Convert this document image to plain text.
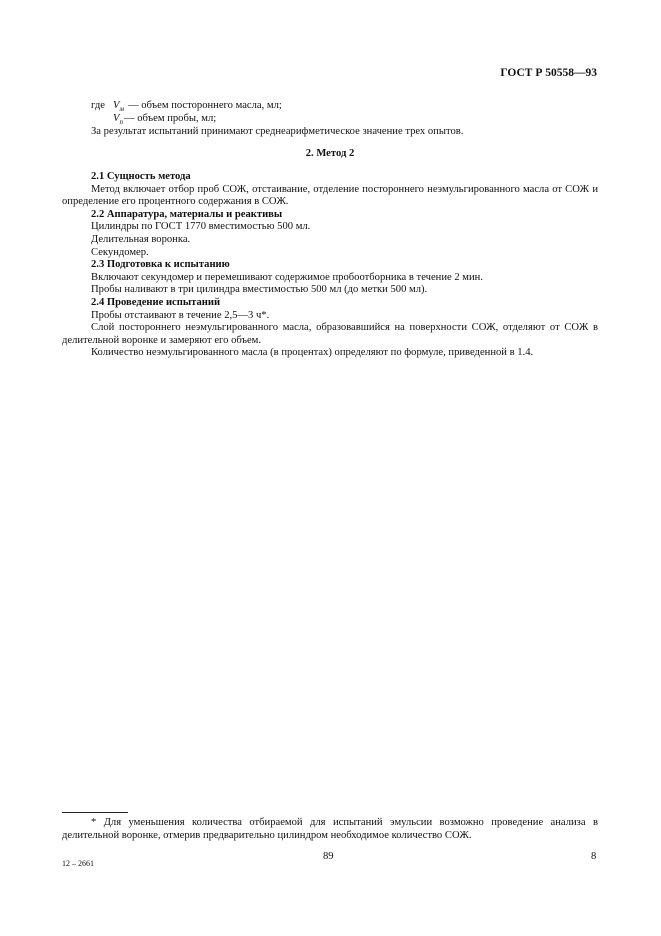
ГОСТ Р 50558—93
где $V_м$ — объем постороннего масла, мл;
$V_п$ — объем пробы, мл;

За результат испытаний принимают среднеарифметическое значение трех опытов.

2. Метод 2

2.1 Сущность метода

Метод включает отбор проб СОЖ, отстаивание, отделение постороннего неэмульгированного масла от СОЖ и определение его процентного содержания в СОЖ.

2.2 Аппаратура, материалы и реактивы

Цилиндры по ГОСТ 1770 вместимостью 500 мл.

Делительная воронка.

Секундомер.

2.3 Подготовка к испытанию

Включают секундомер и перемешивают содержимое пробоотборника в течение 2 мин.

Пробы наливают в три цилиндра вместимостью 500 мл (до метки 500 мл).

2.4 Проведение испытаний

Пробы отстаивают в течение 2,5—3 ч*.

Слой постороннего неэмульгированного масла, образовавшийся на поверхности СОЖ, отделяют от СОЖ в делительной воронке и замеряют его объем.

Количество неэмульгированного масла (в процентах) определяют по формуле, приведенной в 1.4.

* Для уменьшения количества отбираемой для испытаний эмульсии возможно проведение анализа в делительной воронке, отмерив предварительно цилиндром необходимое количество СОЖ.

12 – 2661
89	8
